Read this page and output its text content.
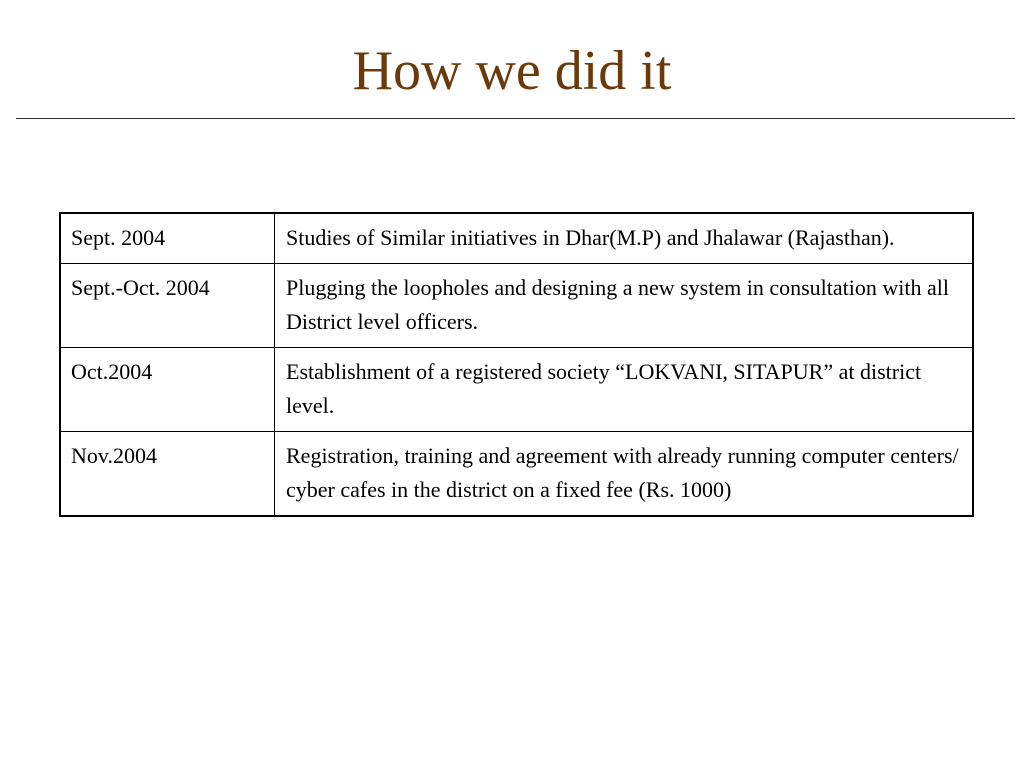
How we did it
Sept. 2004	Studies of Similar initiatives in Dhar(M.P) and Jhalawar (Rajasthan).
Sept.-Oct. 2004	Plugging the loopholes and designing a new system in consultation with all District level officers.
Oct.2004	Establishment of a registered society “LOKVANI, SITAPUR” at district level.
Nov.2004	Registration, training and agreement with already running computer centers/ cyber cafes in the district on a fixed fee (Rs. 1000)
